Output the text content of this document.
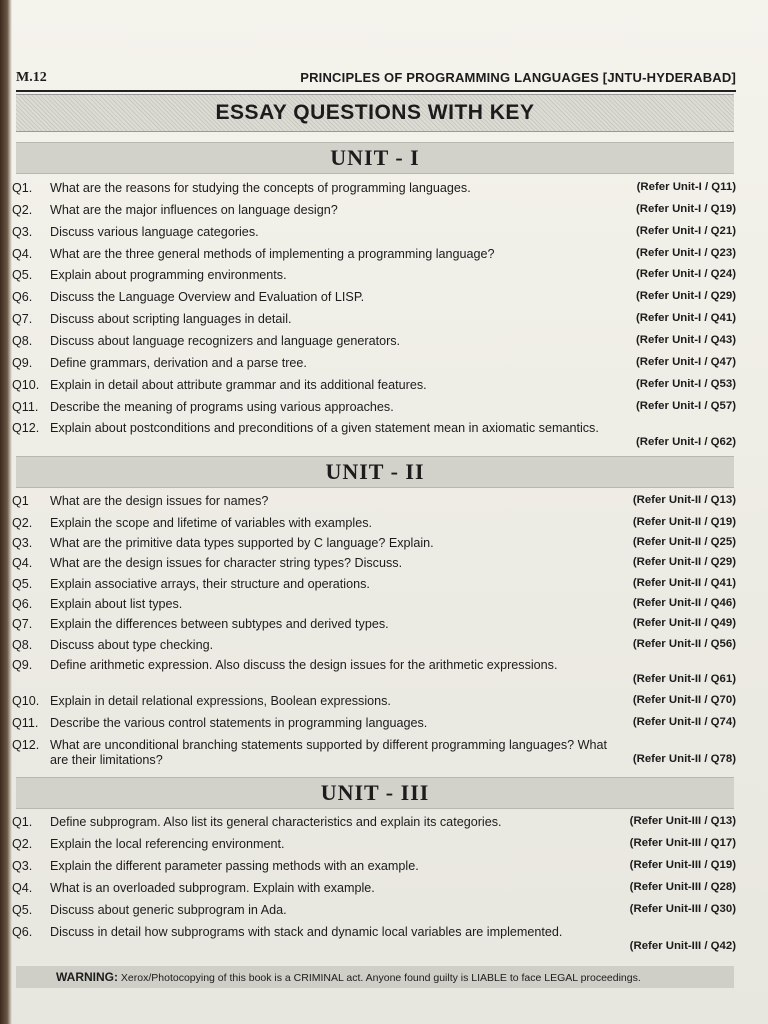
M.12	PRINCIPLES OF PROGRAMMING LANGUAGES [JNTU-HYDERABAD]
ESSAY QUESTIONS WITH KEY
UNIT - I
Q1.	What are the reasons for studying the concepts of programming languages.	(Refer Unit-I / Q11)
Q2.	What are the major influences on language design?	(Refer Unit-I / Q19)
Q3.	Discuss various language categories.	(Refer Unit-I / Q21)
Q4.	What are the three general methods of implementing a programming language?	(Refer Unit-I / Q23)
Q5.	Explain about programming environments.	(Refer Unit-I / Q24)
Q6.	Discuss the Language Overview and Evaluation of LISP.	(Refer Unit-I / Q29)
Q7.	Discuss about scripting languages in detail.	(Refer Unit-I / Q41)
Q8.	Discuss about language recognizers and language generators.	(Refer Unit-I / Q43)
Q9.	Define grammars, derivation and a parse tree.	(Refer Unit-I / Q47)
Q10. Explain in detail about attribute grammar and its additional features.	(Refer Unit-I / Q53)
Q11. Describe the meaning of programs using various approaches.	(Refer Unit-I / Q57)
Q12. Explain about postconditions and preconditions of a given statement mean in axiomatic semantics.
(Refer Unit-I / Q62)
UNIT - II
Q1	What are the design issues for names?	(Refer Unit-II / Q13)
Q2.	Explain the scope and lifetime of variables with examples.	(Refer Unit-II / Q19)
Q3.	What are the primitive data types supported by C language? Explain.	(Refer Unit-II / Q25)
Q4.	What are the design issues for character string types? Discuss.	(Refer Unit-II / Q29)
Q5.	Explain associative arrays, their structure and operations.	(Refer Unit-II / Q41)
Q6.	Explain about list types.	(Refer Unit-II / Q46)
Q7.	Explain the differences between subtypes and derived types.	(Refer Unit-II / Q49)
Q8.	Discuss about type checking.	(Refer Unit-II / Q56)
Q9.	Define arithmetic expression. Also discuss the design issues for the arithmetic expressions.
(Refer Unit-II / Q61)
Q10. Explain in detail relational expressions, Boolean expressions.	(Refer Unit-II / Q70)
Q11. Describe the various control statements in programming languages.	(Refer Unit-II / Q74)
Q12. What are unconditional branching statements supported by different programming languages? What are their limitations?	(Refer Unit-II / Q78)
UNIT - III
Q1.	Define subprogram. Also list its general characteristics and explain its categories.	(Refer Unit-III / Q13)
Q2.	Explain the local referencing environment.	(Refer Unit-III / Q17)
Q3.	Explain the different parameter passing methods with an example.	(Refer Unit-III / Q19)
Q4.	What is an overloaded subprogram. Explain with example.	(Refer Unit-III / Q28)
Q5.	Discuss about generic subprogram in Ada.	(Refer Unit-III / Q30)
Q6.	Discuss in detail how subprograms with stack and dynamic local variables are implemented.
(Refer Unit-III / Q42)
WARNING: Xerox/Photocopying of this book is a CRIMINAL act. Anyone found guilty is LIABLE to face LEGAL proceedings.
